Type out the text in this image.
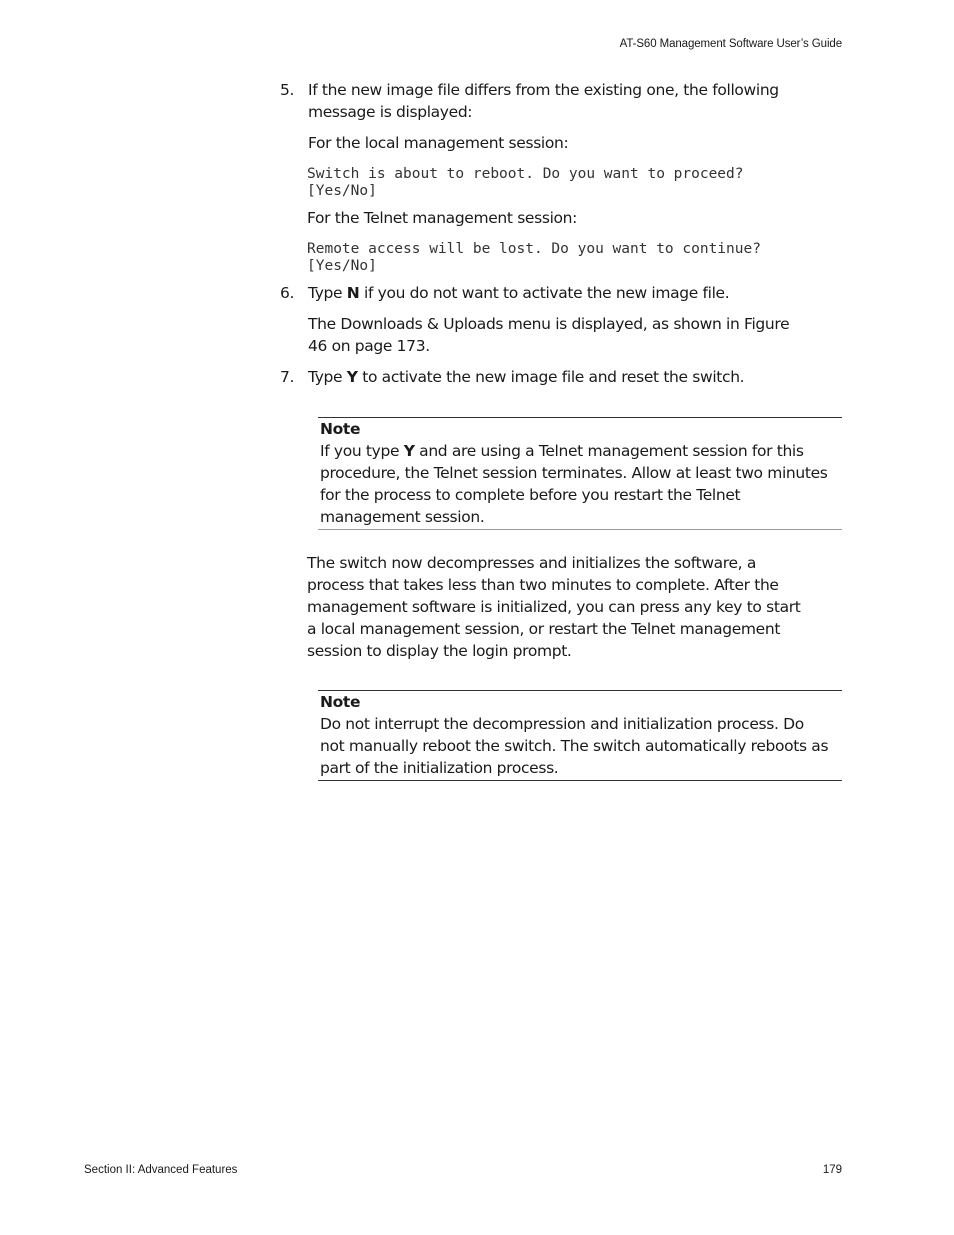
AT-S60 Management Software User’s Guide
5. If the new image file differs from the existing one, the following
message is displayed:
For the local management session:
Switch is about to reboot. Do you want to proceed?
[Yes/No]
For the Telnet management session:
Remote access will be lost. Do you want to continue?
[Yes/No]
6. Type N if you do not want to activate the new image file.
The Downloads & Uploads menu is displayed, as shown in Figure
46 on page 173.
7. Type Y to activate the new image file and reset the switch.
Note
If you type Y and are using a Telnet management session for this
procedure, the Telnet session terminates. Allow at least two minutes
for the process to complete before you restart the Telnet
management session.
The switch now decompresses and initializes the software, a
process that takes less than two minutes to complete. After the
management software is initialized, you can press any key to start
a local management session, or restart the Telnet management
session to display the login prompt.
Note
Do not interrupt the decompression and initialization process. Do
not manually reboot the switch. The switch automatically reboots as
part of the initialization process.
Section II: Advanced Features	179
